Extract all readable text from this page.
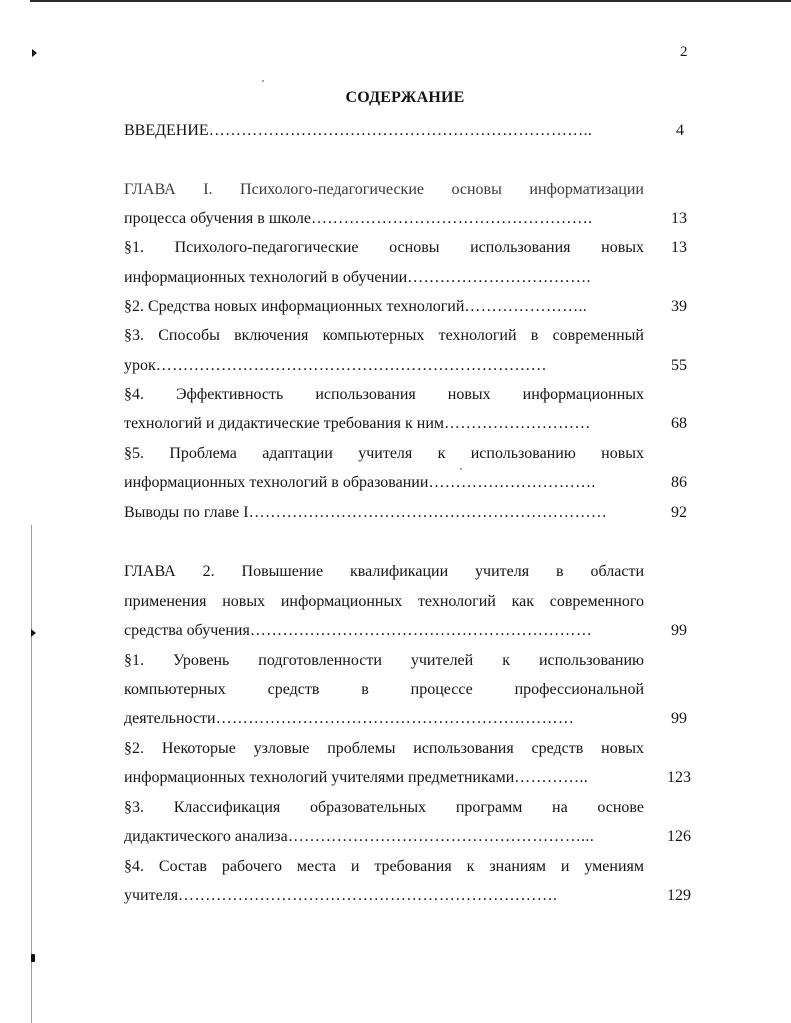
2
СОДЕРЖАНИЕ
ВВЕДЕНИЕ……………………………………………………………..	4
ГЛАВА I. Психолого-педагогические основы информатизации
процесса обучения в школе…………………………………………….	13
§1. Психолого-педагогические основы использования новых	13
информационных технологий в обучении…………………………….
§2. Средства новых информационных технологий…………………..	39
§3. Способы включения компьютерных технологий в современный
урок………………………………………………………………	55
§4. Эффективность использования новых информационных
технологий и дидактические требования к ним………………………	68
§5. Проблема адаптации учителя к использованию новых
информационных технологий в образовании………………………….	86
Выводы по главе I…………………………………………………………	92
ГЛАВА 2. Повышение квалификации учителя в области
применения новых информационных технологий как современного
средства обучения………………………………………………………	99
§1. Уровень подготовленности учителей к использованию
компьютерных средств в процессе профессиональной
деятельности…………………………………………………………	99
§2. Некоторые узловые проблемы использования средств новых
информационных технологий учителями предметниками…………..	123
§3. Классификация образовательных программ на основе
дидактического анализа………………………………………………...	126
§4. Состав рабочего места и требования к знаниям и умениям
учителя…………………………………………………………….	129
